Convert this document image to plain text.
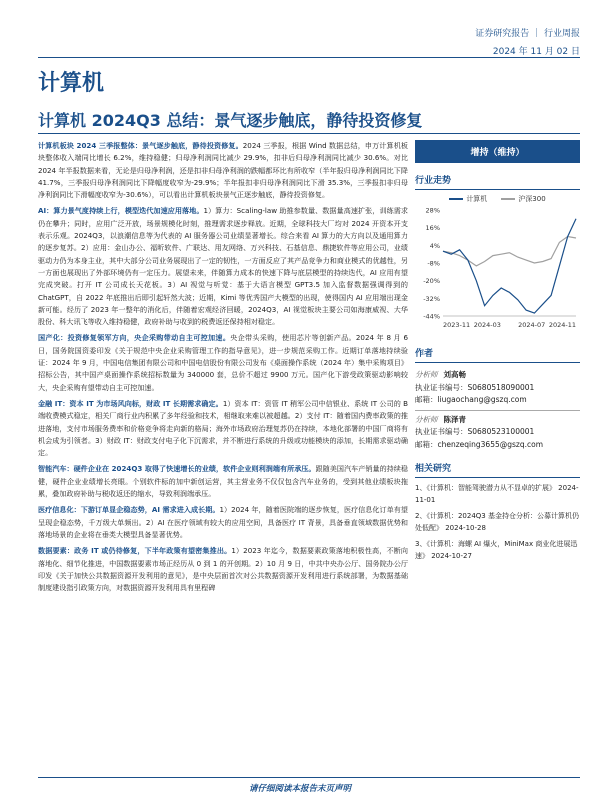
证券研究报告 ｜ 行业周报
2024 年 11 月 02 日
计算机
计算机 2024Q3 总结：景气逐步触底，静待投资修复

计算机板块 2024 三季报整体：景气逐步触底，静待投资修复。2024 三季报，根据 Wind 数据总结，申万计算机板块整体收入端同比增长 6.2%，维持稳健；归母净利润同比减少 29.9%，扣非后归母净利润同比减少 30.6%。对比 2024 年半报数据来看，无论是归母净利润，还是扣非归母净利润的跌幅都环比有所收窄（半年报归母净利润同比下降 41.7%，三季报归母净利润同比下降幅度收窄为-29.9%；半年报扣非归母净利润同比下滑 35.3%，三季报扣非归母净利润同比下滑幅度收窄为-30.6%），可以看出计算机板块景气正逐步触底，静待投资修复。

AI：算力景气度持续上行，模型迭代加速应用落地。1）算力：Scaling-law 助推参数量、数据量高速扩张，训练需求仍在攀升；同时，应用广泛开放，场景规模化时刻，推理需求逐步释放。近期，全球科技大厂均对 2024 开资本开支表示乐观。2024Q3，以浪潮信息等为代表的 AI 服务器公司业绩显著增长。综合来看 AI 算力的大方向以及通用算力的逐步复苏。2）应用：金山办公、福昕软件、广联达、用友网络、万兴科技、石基信息、鼎捷软件等应用公司，业绩驱动力仍为本身主业，其中大部分公司业务展现出了一定的韧性，一方面反应了其产品竞争力和商业模式的优越性，另一方面也展现出了外部环境仍有一定压力。展望未来，伴随算力成本的快速下降与底层模型的持续迭代，AI 应用有望完成突破。打开 IT 公司成长天花板。3）AI 视觉与听觉：基于大语言模型 GPT3.5 加入监督数据强调得到的 ChatGPT，自 2022 年底推出后即引起轩然大波；近期，Kimi 等优秀国产大模型的出现，使得国内 AI 应用端出现金新可能。经历了 2023 年一整年的消化后，伴随着宏观经济回暖，2024Q3，AI 视觉板块主要公司如海康威视、大华股份、科大讯飞等收入维持稳健，政府补助与收到的税费返还保持相对稳定。

国产化：投资修复领军方向，央企采购带动自主可控加速。央企带头采购，使用芯片等创新产品。2024 年 8 月 6 日，国务院国资委印发《关于规范中央企业采购管理工作的指导意见》，进一步规范采购工作。近期订单落地持续验证：2024 年 9 月，中国电信集团有限公司和中国电信股份有限公司发布《桌面操作系统（2024 年）集中采购项目》招标公告，其中国产桌面操作系统招标数量为 340000 套，总价不超过 9900 万元。国产化下游受政策驱动影响较大，央企采购有望带动自主可控加速。

金融 IT：资本 IT 为市场风向标，财政 IT 长期需求确定。1）资本 IT：资管 IT 稍军公司中信银业、系统 IT 公司的 B 端收费模式稳定，相关厂商行业内积累了多年经验和技术，相继取来难以被超越。2）支付 IT：随着国内费率政策的推进落地，支付市场服务费率和价格竞争将走向新的格局；海外市场政府治理复苏仍在持续，本地化部署的中国厂商将有机会成为引领者。3）财政 IT：财政支付电子化下沉需求，并不断进行系统的升级或功能模块的添加，长期需求驱动确定。

智能汽车：硬件企业在 2024Q3 取得了快速增长的业绩，软件企业则利润端有所承压。跟随美国汽车产销量的持续稳健，硬件企业业绩增长亮眼。个别软件标的加中新创运营，其主营业务不仅仅包含汽车业务的，受到其他业绩板块拖累，叠加政府补助与税收返还的缩水，导致利润端承压。

医疗信息化：下游订单显企稳态势，AI 需求进入成长期。1）2024 年，随着医院端的逐步恢复，医疗信息化订单有望呈现企稳态势，千万级大单频出。2）AI 在医疗领域有较大的应用空间，具备医疗 IT 背景，具备垂直领域数据优势和落地场景的企业将在垂类大模型具备显著优势。

数据要素：政务 IT 或仍待修复，下半年政策有望密集推出。1）2023 年迄今，数据要素政策落地积极性高，不断向落地化、细节化推进，中国数据要素市场正经历从 0 到 1 的开创期。2）10 月 9 日，中共中央办公厅、国务院办公厅印发《关于加快公共数据资源开发利用的意见》，是中央层面首次对公共数据资源开发利用进行系统部署，为数据基础制度建设指引政策方向，对数据资源开发利用具有里程碑

增持（维持）
行业走势
计算机	沪深300
28%
16%
4%
-8%
-20%
-32%
-44%
2023-11 2024-03	2024-07 2024-11
作者
分析师 刘高畅
执业证书编号：S0680518090001
邮箱：liugaochang@gszq.com
分析师 陈泽青
执业证书编号：S0680523100001
邮箱：chenzeqing3655@gszq.com
相关研究
1、《计算机：智能驾驶潜力从不显卓的扩展》 2024-11-01
2、《计算机：2024Q3 基金持仓分析：公募计算机仍处低配》 2024-10-28
3、《计算机：海螺 AI 爆火，MiniMax 商业化进展迅速》 2024-10-27
请仔细阅读本报告末页声明
